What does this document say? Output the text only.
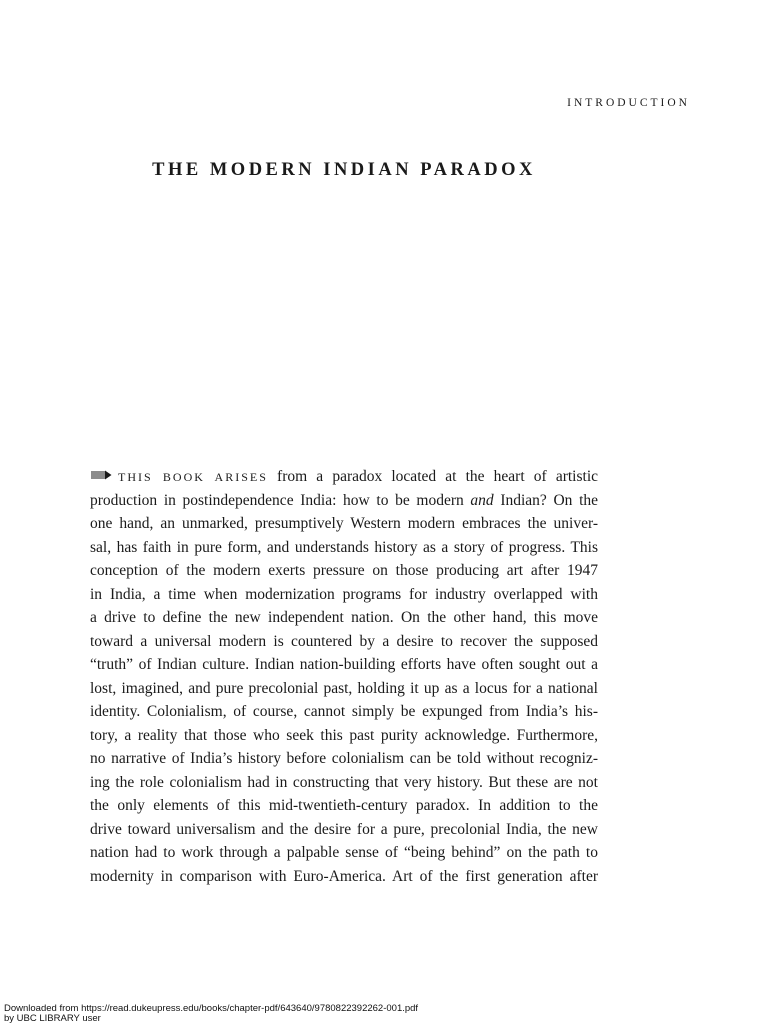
INTRODUCTION
THE MODERN INDIAN PARADOX
THIS BOOK ARISES from a paradox located at the heart of artistic
production in postindependence India: how to be modern and Indian? On the
one hand, an unmarked, presumptively Western modern embraces the univer-
sal, has faith in pure form, and understands history as a story of progress. This
conception of the modern exerts pressure on those producing art after 1947
in India, a time when modernization programs for industry overlapped with
a drive to define the new independent nation. On the other hand, this move
toward a universal modern is countered by a desire to recover the supposed
“truth” of Indian culture. Indian nation-building efforts have often sought out a
lost, imagined, and pure precolonial past, holding it up as a locus for a national
identity. Colonialism, of course, cannot simply be expunged from India’s his-
tory, a reality that those who seek this past purity acknowledge. Furthermore,
no narrative of India’s history before colonialism can be told without recogniz-
ing the role colonialism had in constructing that very history. But these are not
the only elements of this mid-twentieth-century paradox. In addition to the
drive toward universalism and the desire for a pure, precolonial India, the new
nation had to work through a palpable sense of “being behind” on the path to
modernity in comparison with Euro-America. Art of the first generation after
Downloaded from https://read.dukeupress.edu/books/chapter-pdf/643640/9780822392262-001.pdf
by UBC LIBRARY user
